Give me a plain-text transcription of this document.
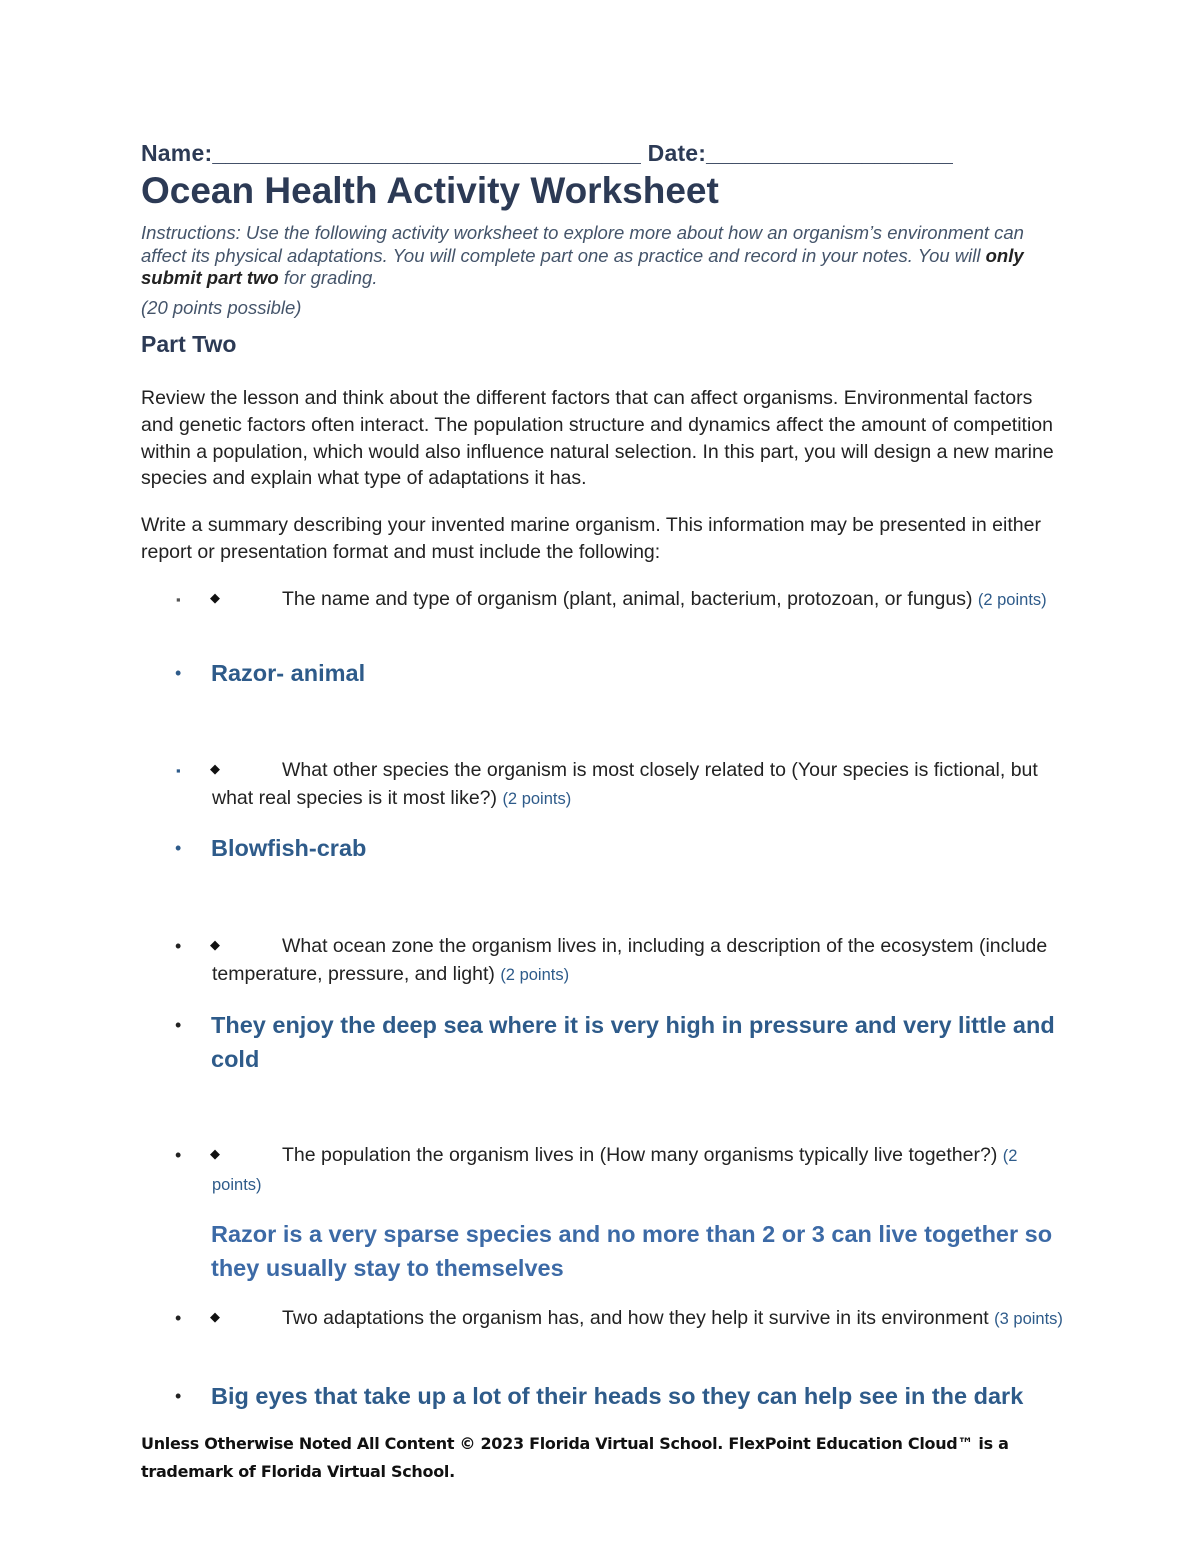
Name:_________________________________ Date:___________________
Ocean Health Activity Worksheet
Instructions: Use the following activity worksheet to explore more about how an organism’s environment can affect its physical adaptations. You will complete part one as practice and record in your notes. You will only submit part two for grading.
(20 points possible)
Part Two
Review the lesson and think about the different factors that can affect organisms. Environmental factors and genetic factors often interact. The population structure and dynamics affect the amount of competition within a population, which would also influence natural selection. In this part, you will design a new marine species and explain what type of adaptations it has.
Write a summary describing your invented marine organism. This information may be presented in either report or presentation format and must include the following:
▪ ◆	The name and type of organism (plant, animal, bacterium, protozoan, or fungus) (2 points)
• Razor- animal
▪ ◆	What other species the organism is most closely related to (Your species is fictional, but what real species is it most like?) (2 points)
• Blowfish-crab
• ◆	What ocean zone the organism lives in, including a description of the ecosystem (include temperature, pressure, and light) (2 points)
• They enjoy the deep sea where it is very high in pressure and very little and cold
• ◆	The population the organism lives in (How many organisms typically live together?) (2 points)
Razor is a very sparse species and no more than 2 or 3 can live together so they usually stay to themselves
• ◆	Two adaptations the organism has, and how they help it survive in its environment (3 points)
• Big eyes that take up a lot of their heads so they can help see in the dark
Unless Otherwise Noted All Content © 2023 Florida Virtual School. FlexPoint Education Cloud™ is a trademark of Florida Virtual School.
